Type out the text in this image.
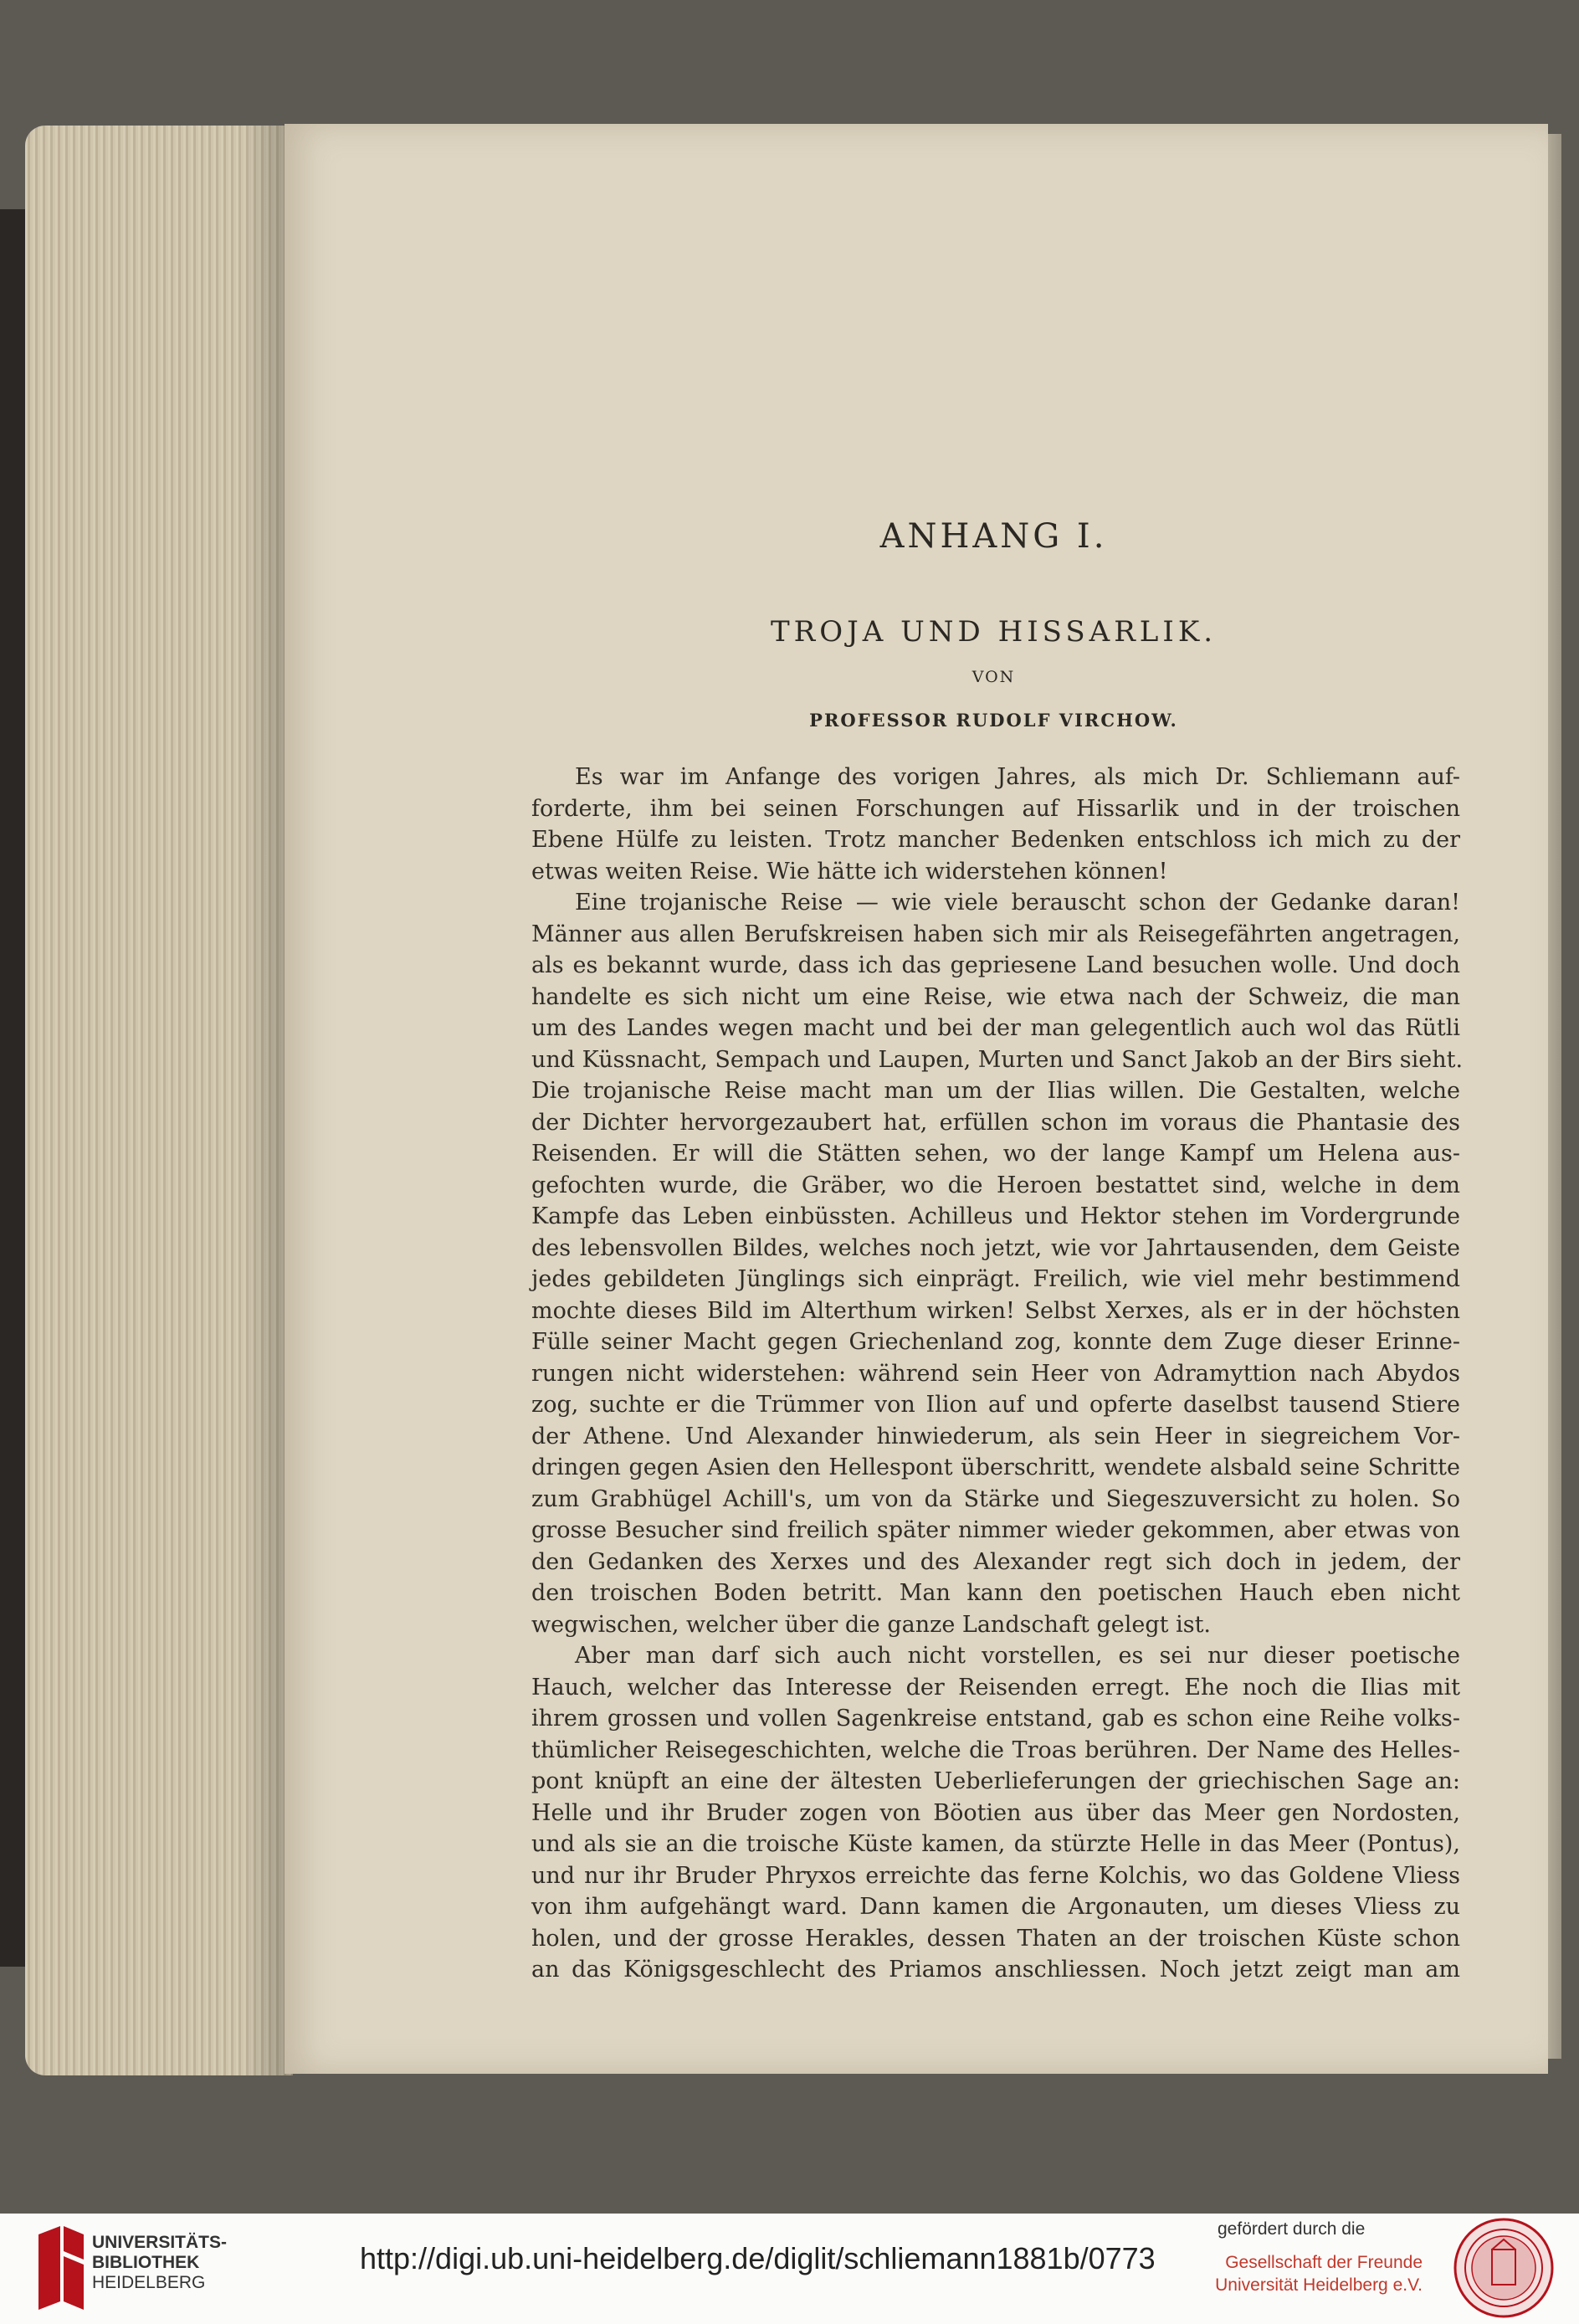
ANHANG I.
TROJA UND HISSARLIK.
VON
PROFESSOR RUDOLF VIRCHOW.
Es war im Anfange des vorigen Jahres, als mich Dr. Schliemann auf-
forderte, ihm bei seinen Forschungen auf Hissarlik und in der troischen
Ebene Hülfe zu leisten. Trotz mancher Bedenken entschloss ich mich zu der
etwas weiten Reise. Wie hätte ich widerstehen können!
Eine trojanische Reise — wie viele berauscht schon der Gedanke daran!
Männer aus allen Berufskreisen haben sich mir als Reisegefährten angetragen,
als es bekannt wurde, dass ich das gepriesene Land besuchen wolle. Und doch
handelte es sich nicht um eine Reise, wie etwa nach der Schweiz, die man
um des Landes wegen macht und bei der man gelegentlich auch wol das Rütli
und Küssnacht, Sempach und Laupen, Murten und Sanct Jakob an der Birs sieht.
Die trojanische Reise macht man um der Ilias willen. Die Gestalten, welche
der Dichter hervorgezaubert hat, erfüllen schon im voraus die Phantasie des
Reisenden. Er will die Stätten sehen, wo der lange Kampf um Helena aus-
gefochten wurde, die Gräber, wo die Heroen bestattet sind, welche in dem
Kampfe das Leben einbüssten. Achilleus und Hektor stehen im Vordergrunde
des lebensvollen Bildes, welches noch jetzt, wie vor Jahrtausenden, dem Geiste
jedes gebildeten Jünglings sich einprägt. Freilich, wie viel mehr bestimmend
mochte dieses Bild im Alterthum wirken! Selbst Xerxes, als er in der höchsten
Fülle seiner Macht gegen Griechenland zog, konnte dem Zuge dieser Erinne-
rungen nicht widerstehen: während sein Heer von Adramyttion nach Abydos
zog, suchte er die Trümmer von Ilion auf und opferte daselbst tausend Stiere
der Athene. Und Alexander hinwiederum, als sein Heer in siegreichem Vor-
dringen gegen Asien den Hellespont überschritt, wendete alsbald seine Schritte
zum Grabhügel Achill's, um von da Stärke und Siegeszuversicht zu holen. So
grosse Besucher sind freilich später nimmer wieder gekommen, aber etwas von
den Gedanken des Xerxes und des Alexander regt sich doch in jedem, der
den troischen Boden betritt. Man kann den poetischen Hauch eben nicht
wegwischen, welcher über die ganze Landschaft gelegt ist.
Aber man darf sich auch nicht vorstellen, es sei nur dieser poetische
Hauch, welcher das Interesse der Reisenden erregt. Ehe noch die Ilias mit
ihrem grossen und vollen Sagenkreise entstand, gab es schon eine Reihe volks-
thümlicher Reisegeschichten, welche die Troas berühren. Der Name des Helles-
pont knüpft an eine der ältesten Ueberlieferungen der griechischen Sage an:
Helle und ihr Bruder zogen von Böotien aus über das Meer gen Nordosten,
und als sie an die troische Küste kamen, da stürzte Helle in das Meer (Pontus),
und nur ihr Bruder Phryxos erreichte das ferne Kolchis, wo das Goldene Vliess
von ihm aufgehängt ward. Dann kamen die Argonauten, um dieses Vliess zu
holen, und der grosse Herakles, dessen Thaten an der troischen Küste schon
an das Königsgeschlecht des Priamos anschliessen. Noch jetzt zeigt man am
UNIVERSITÄTS-
BIBLIOTHEK
HEIDELBERG
http://digi.ub.uni-heidelberg.de/diglit/schliemann1881b/0773
gefördert durch die
Gesellschaft der Freunde
Universität Heidelberg e.V.
